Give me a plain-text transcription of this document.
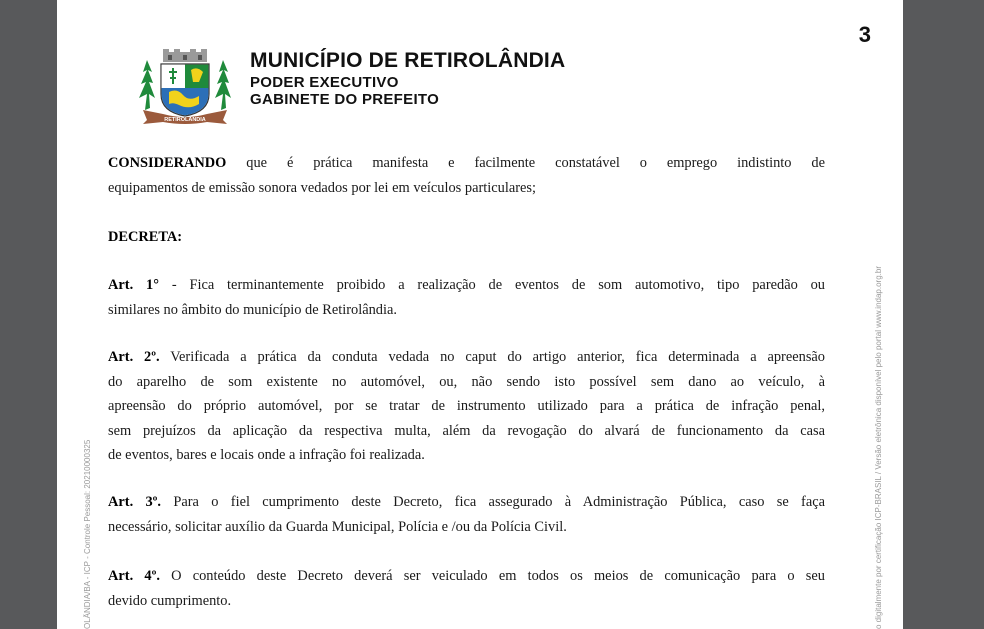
3
RETIROLÂNDIA
MUNICÍPIO DE RETIROLÂNDIA
PODER EXECUTIVO
GABINETE DO PREFEITO
CONSIDERANDO que é prática manifesta e facilmente constatável o emprego indistinto de
equipamentos de emissão sonora vedados por lei em veículos particulares;
DECRETA:
Art. 1° - Fica terminantemente proibido a realização de eventos de som automotivo, tipo paredão ou
similares no âmbito do município de Retirolândia.
Art. 2º. Verificada a prática da conduta vedada no caput do artigo anterior, fica determinada a apreensão
do aparelho de som existente no automóvel, ou, não sendo isto possível sem dano ao veículo, à
apreensão do próprio automóvel, por se tratar de instrumento utilizado para a prática de infração penal,
sem prejuízos da aplicação da respectiva multa, além da revogação do alvará de funcionamento da casa
de eventos, bares e locais onde a infração foi realizada.
Art. 3º. Para o fiel cumprimento deste Decreto, fica assegurado à Administração Pública, caso se faça
necessário, solicitar auxílio da Guarda Municipal, Polícia e /ou da Polícia Civil.
Art. 4º. O conteúdo deste Decreto deverá ser veiculado em todos os meios de comunicação para o seu
devido cumprimento.	o digitalmente por certificação ICP-BRASIL / Versão eletrônica disponível pelo portal www.indap.org.br
OLÂNDIA/BA - ICP - Controle Pessoal: 20210000325
